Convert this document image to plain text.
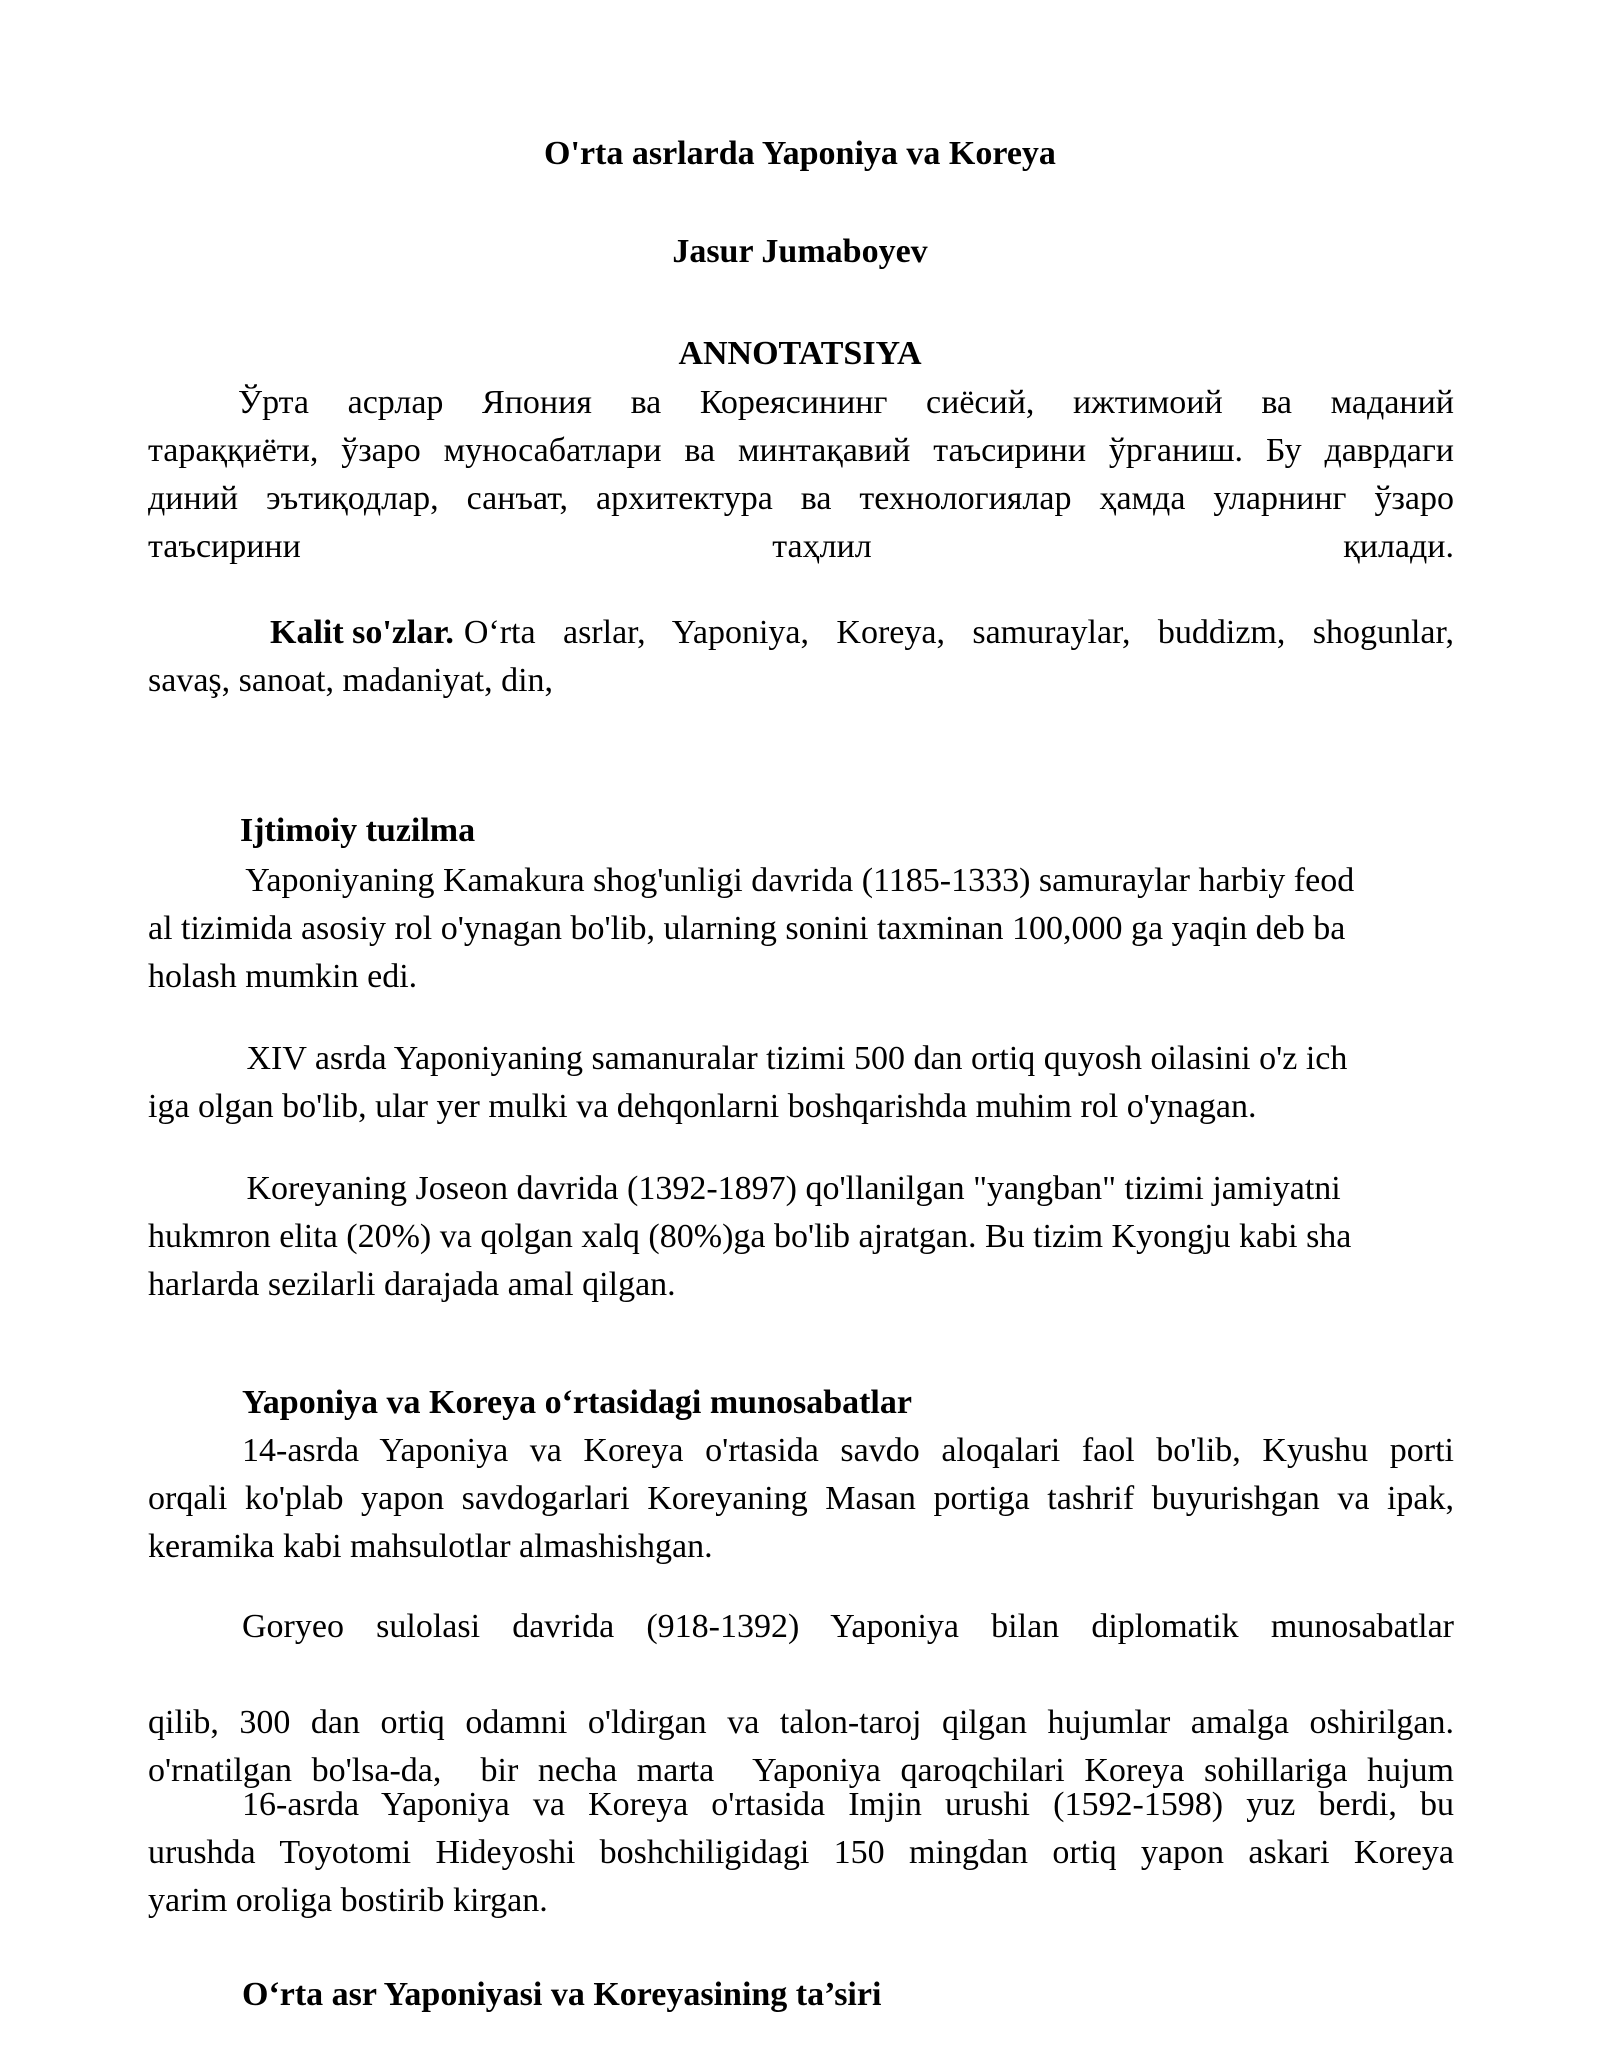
O'rta asrlarda Yaponiya va Koreya
Jasur Jumaboyev
ANNOTATSIYA
Ўрта асрлар Япония ва Кореясининг сиёсий, ижтимоий ва маданий
тараққиёти, ўзаро муносабатлари ва минтақавий таъсирини ўрганиш. Бу даврдаги
диний эътиқодлар, санъат, архитектура ва технологиялар ҳамда уларнинг ўзаро
таъсирини	таҳлил	қилади.
Kalit so'zlar. O‘rta asrlar, Yaponiya, Koreya, samuraylar, buddizm, shogunlar,
savaş, sanoat, madaniyat, din,
Ijtimoiy tuzilma
Yaponiyaning Kamakura shog'unligi davrida (1185-1333) samuraylar harbiy feod
al tizimida asosiy rol o'ynagan bo'lib, ularning sonini taxminan 100,000 ga yaqin deb ba
holash mumkin edi.
XIV asrda Yaponiyaning samanuralar tizimi 500 dan ortiq quyosh oilasini o'z ich
iga olgan bo'lib, ular yer mulki va dehqonlarni boshqarishda muhim rol o'ynagan.
Koreyaning Joseon davrida (1392-1897) qo'llanilgan "yangban" tizimi jamiyatni
hukmron elita (20%) va qolgan xalq (80%)ga bo'lib ajratgan. Bu tizim Kyongju kabi sha
harlarda sezilarli darajada amal qilgan.
Yaponiya va Koreya o‘rtasidagi munosabatlar
14-asrda Yaponiya va Koreya o'rtasida savdo aloqalari faol bo'lib, Kyushu porti
orqali ko'plab yapon savdogarlari Koreyaning Masan portiga tashrif buyurishgan va ipak,
keramika kabi mahsulotlar almashishgan.
Goryeo sulolasi davrida (918-1392) Yaponiya bilan diplomatik munosabatlar

o'rnatilgan bo'lsa-da,  bir necha marta  Yaponiya qaroqchilari Koreya sohillariga hujum

qilib, 300 dan ortiq odamni o'ldirgan va talon-taroj qilgan hujumlar amalga oshirilgan.
16-asrda Yaponiya va Koreya o'rtasida Imjin urushi (1592-1598) yuz berdi, bu
urushda Toyotomi Hideyoshi boshchiligidagi 150 mingdan ortiq yapon askari Koreya
yarim oroliga bostirib kirgan.
O‘rta asr Yaponiyasi va Koreyasining ta’siri
